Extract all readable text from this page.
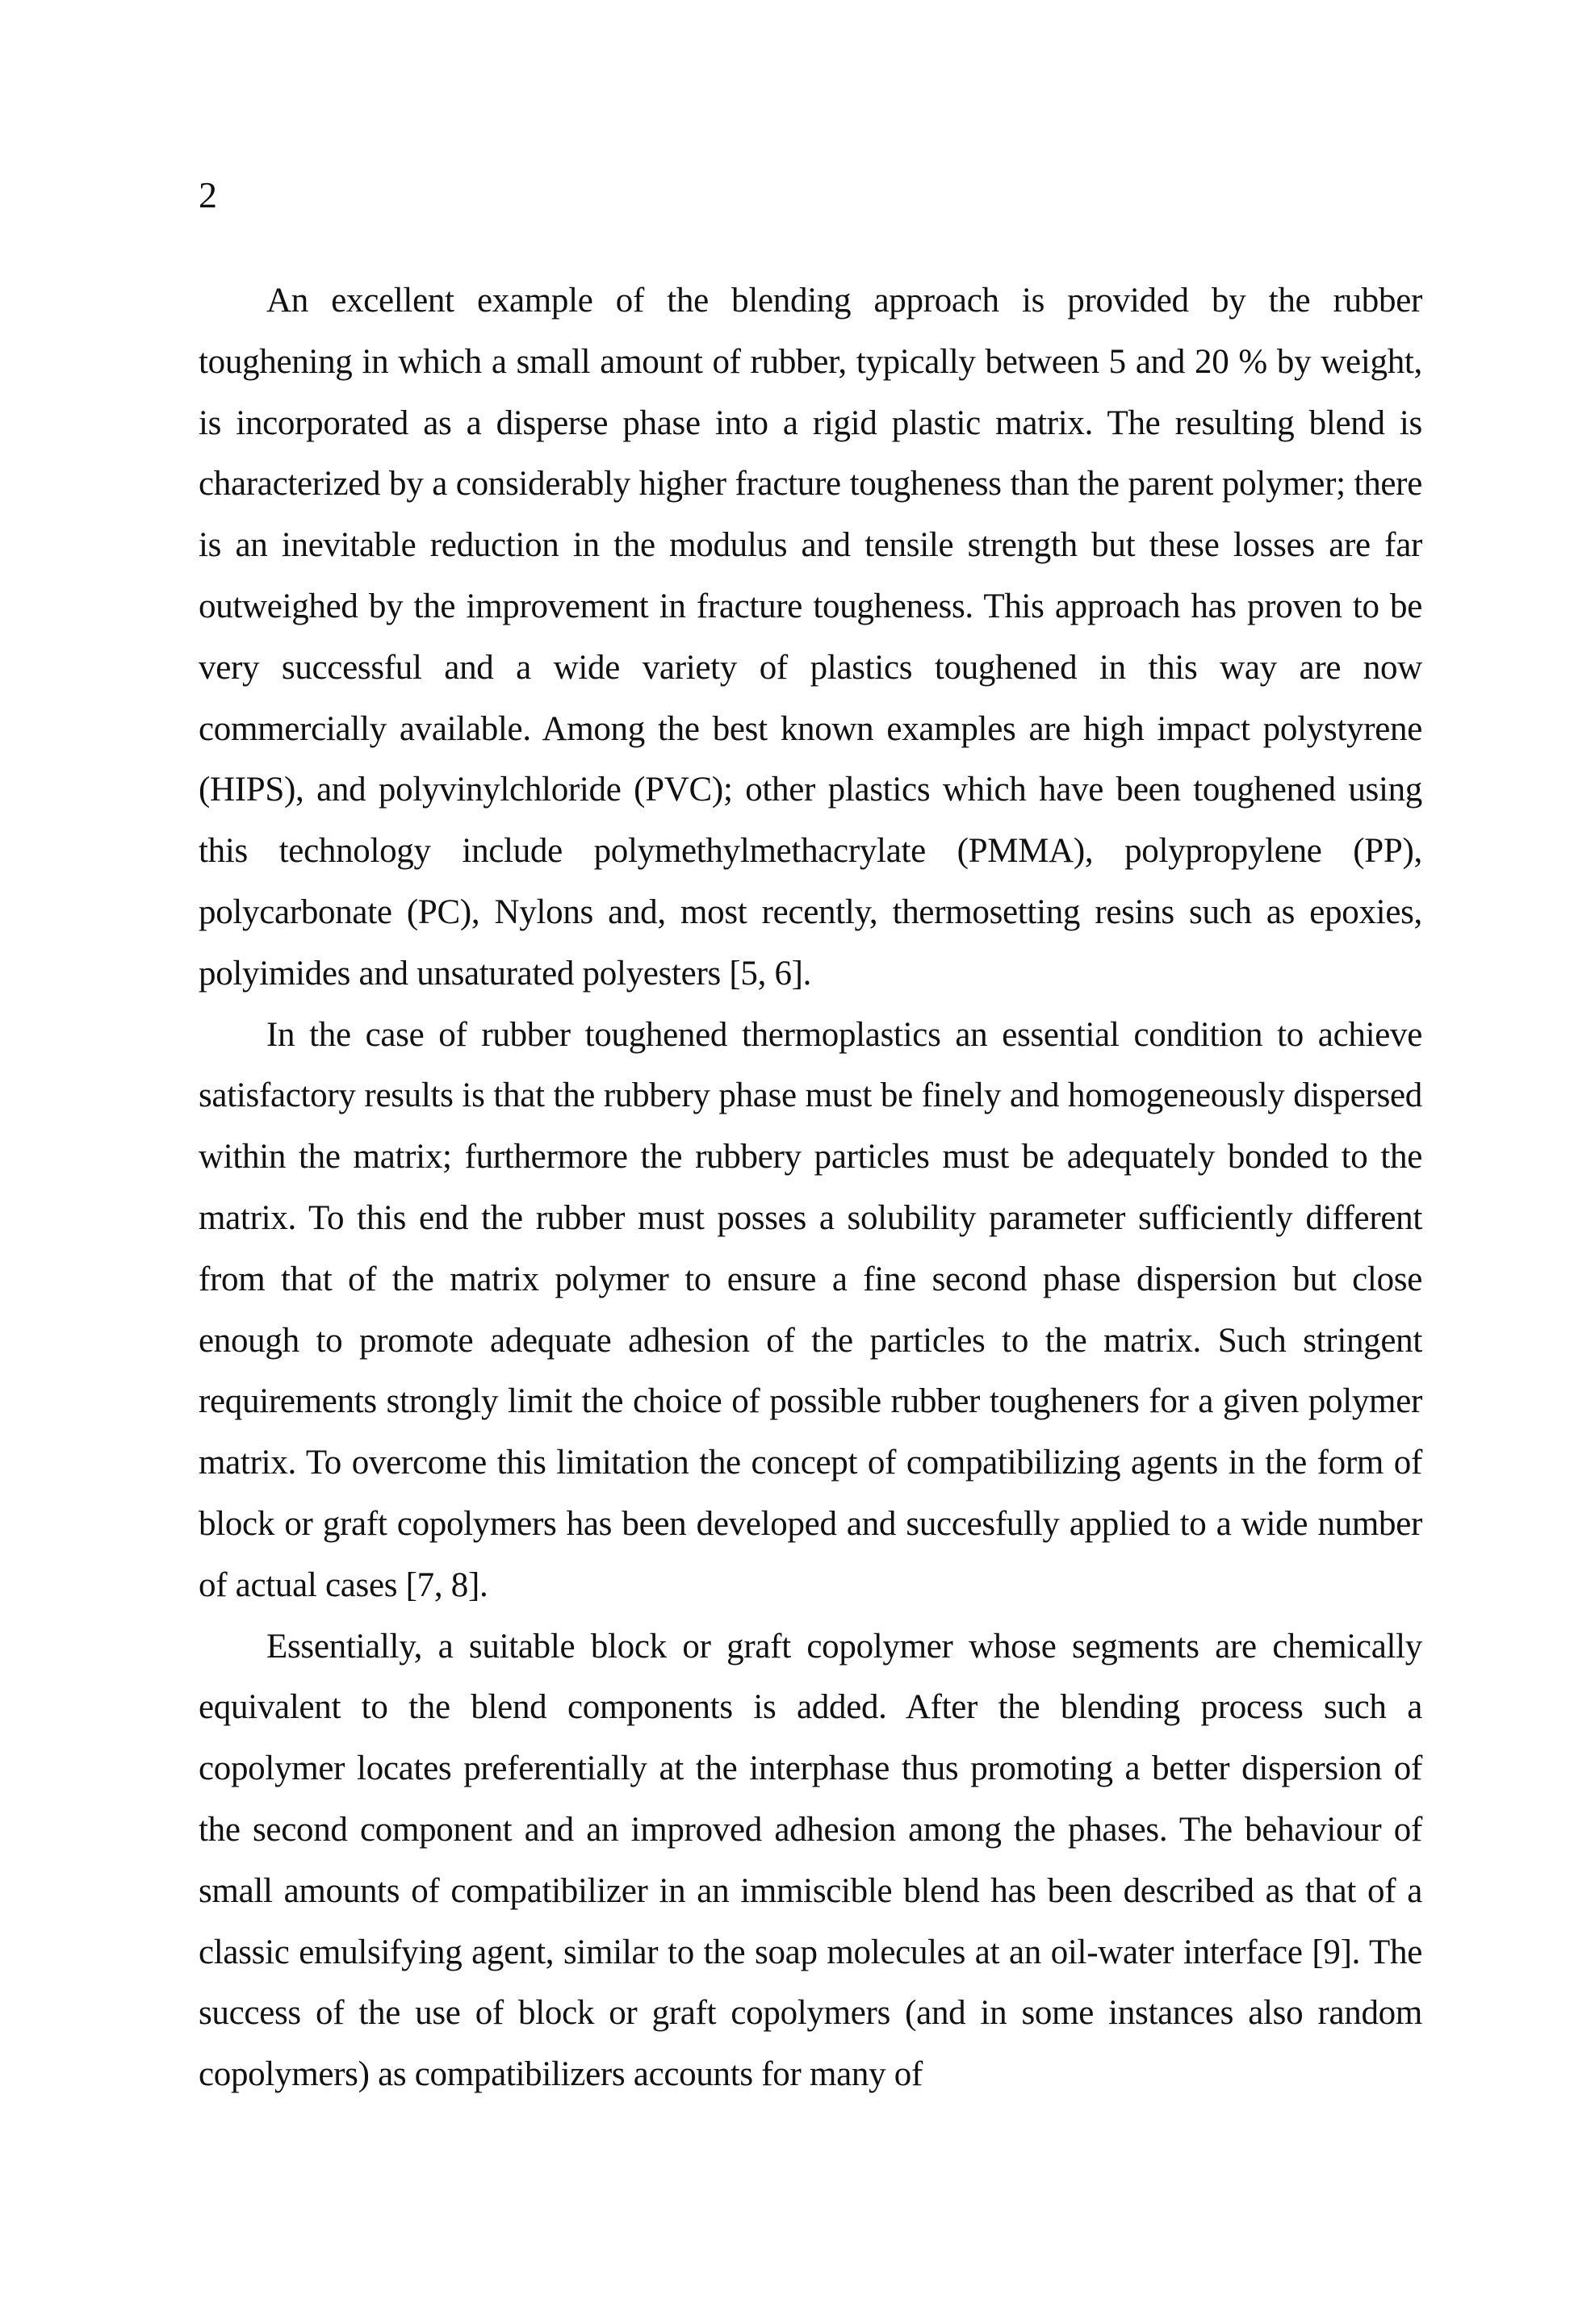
2

An excellent example of the blending approach is provided by the rubber toughening in which a small amount of rubber, typically between 5 and 20 % by weight, is incorporated as a disperse phase into a rigid plastic matrix. The resulting blend is characterized by a considerably higher fracture tougheness than the parent polymer; there is an inevitable reduction in the modulus and tensile strength but these losses are far outweighed by the improvement in fracture tougheness. This approach has proven to be very successful and a wide variety of plastics toughened in this way are now commercially available. Among the best known examples are high impact polystyrene (HIPS), and polyvinylchloride (PVC); other plastics which have been toughened using this technology include polymethylmethacrylate (PMMA), polypropylene (PP), polycarbonate (PC), Nylons and, most recently, thermosetting resins such as epoxies, polyimides and unsaturated polyesters [5, 6].

In the case of rubber toughened thermoplastics an essential condition to achieve satisfactory results is that the rubbery phase must be finely and homogeneously dispersed within the matrix; furthermore the rubbery particles must be adequately bonded to the matrix. To this end the rubber must posses a solubility parameter sufficiently different from that of the matrix polymer to ensure a fine second phase dispersion but close enough to promote adequate adhesion of the particles to the matrix. Such stringent requirements strongly limit the choice of possible rubber tougheners for a given polymer matrix. To overcome this limitation the concept of compatibilizing agents in the form of block or graft copolymers has been developed and succesfully applied to a wide number of actual cases [7, 8].

Essentially, a suitable block or graft copolymer whose segments are chemically equivalent to the blend components is added. After the blending process such a copolymer locates preferentially at the interphase thus promoting a better dispersion of the second component and an improved adhesion among the phases. The behaviour of small amounts of compatibilizer in an immiscible blend has been described as that of a classic emulsifying agent, similar to the soap molecules at an oil-water interface [9]. The success of the use of block or graft copolymers (and in some instances also random copolymers) as compatibilizers accounts for many of
